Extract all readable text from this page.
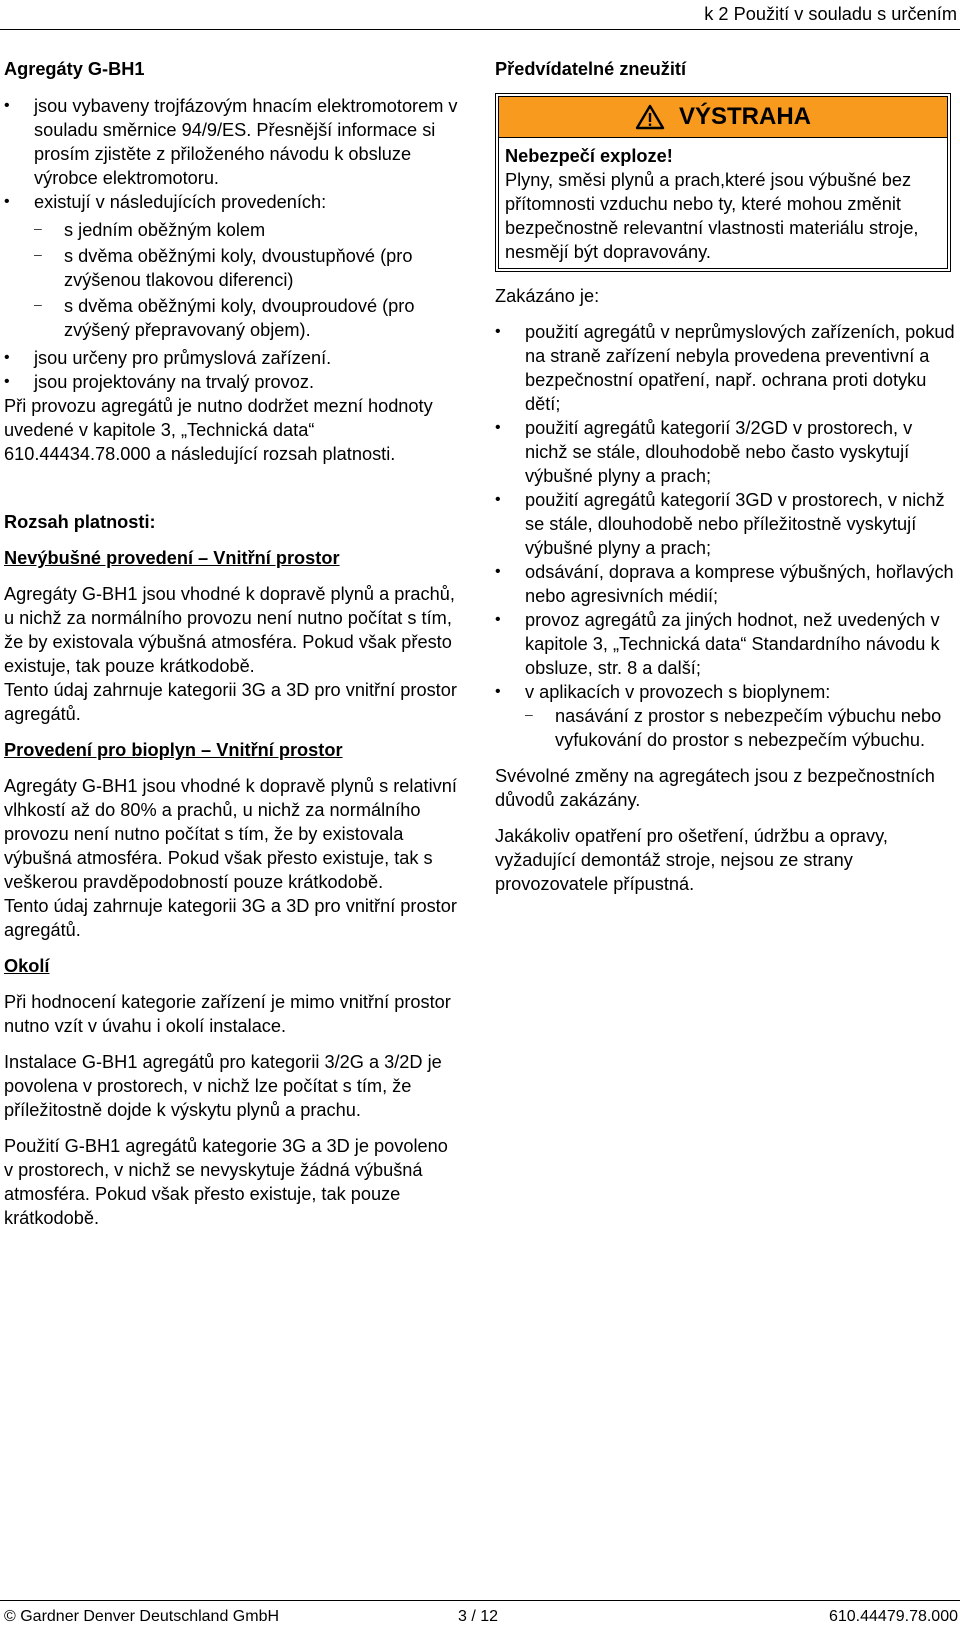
k 2 Použití v souladu s určením
Agregáty G-BH1
• jsou vybaveny trojfázovým hnacím elektromotorem v souladu směrnice 94/9/ES. Přesnější informace si prosím zjistěte z přiloženého návodu k obsluze výrobce elektromotoru.
• existují v následujících provedeních:
– s jedním oběžným kolem
– s dvěma oběžnými koly, dvoustupňové (pro zvýšenou tlakovou diferenci)
– s dvěma oběžnými koly, dvouproudové (pro zvýšený přepravovaný objem).
• jsou určeny pro průmyslová zařízení.
• jsou projektovány na trvalý provoz.

Při provozu agregátů je nutno dodržet mezní hodnoty uvedené v kapitole 3, „Technická data“ 610.44434.78.000 a následující rozsah platnosti.

Rozsah platnosti:
Nevýbušné provedení – Vnitřní prostor

Agregáty G-BH1 jsou vhodné k dopravě plynů a prachů, u nichž za normálního provozu není nutno počítat s tím, že by existovala výbušná atmosféra. Pokud však přesto existuje, tak pouze krátkodobě.

Tento údaj zahrnuje kategorii 3G a 3D pro vnitřní prostor agregátů.

Provedení pro bioplyn – Vnitřní prostor

Agregáty G-BH1 jsou vhodné k dopravě plynů s relativní vlhkostí až do 80% a prachů, u nichž za normálního provozu není nutno počítat s tím, že by existovala výbušná atmosféra. Pokud však přesto existuje, tak s veškerou pravděpodobností pouze krátkodobě.

Tento údaj zahrnuje kategorii 3G a 3D pro vnitřní prostor agregátů.

Okolí

Při hodnocení kategorie zařízení je mimo vnitřní prostor nutno vzít v úvahu i okolí instalace.

Instalace G-BH1 agregátů pro kategorii 3/2G a 3/2D je povolena v prostorech, v nichž lze počítat s tím, že příležitostně dojde k výskytu plynů a prachu.

Použití G-BH1 agregátů kategorie 3G a 3D je povoleno v prostorech, v nichž se nevyskytuje žádná výbušná atmosféra. Pokud však přesto existuje, tak pouze krátkodobě.

Předvídatelné zneužití
VÝSTRAHA
Nebezpečí exploze!
Plyny, směsi plynů a prach,které jsou výbušné bez přítomnosti vzduchu nebo ty, které mohou změnit bezpečnostně relevantní vlastnosti materiálu stroje, nesmějí být dopravovány.

Zakázáno je:

• použití agregátů v neprůmyslových zařízeních, pokud na straně zařízení nebyla provedena preventivní a bezpečnostní opatření, např. ochrana proti dotyku dětí;
• použití agregátů kategorií 3/2GD v prostorech, v nichž se stále, dlouhodobě nebo často vyskytují výbušné plyny a prach;
• použití agregátů kategorií 3GD v prostorech, v nichž se stále, dlouhodobě nebo příležitostně vyskytují výbušné plyny a prach;
• odsávání, doprava a komprese výbušných, hořlavých nebo agresivních médií;
• provoz agregátů za jiných hodnot, než uvedených v kapitole 3, „Technická data“ Standardního návodu k obsluze, str. 8 a další;
• v aplikacích v provozech s bioplynem:
– nasávání z prostor s nebezpečím výbuchu nebo vyfukování do prostor s nebezpečím výbuchu.

Svévolné změny na agregátech jsou z bezpečnostních důvodů zakázány.

Jakákoliv opatření pro ošetření, údržbu a opravy, vyžadující demontáž stroje, nejsou ze strany provozovatele přípustná.

© Gardner Denver Deutschland GmbH	3 / 12	610.44479.78.000
